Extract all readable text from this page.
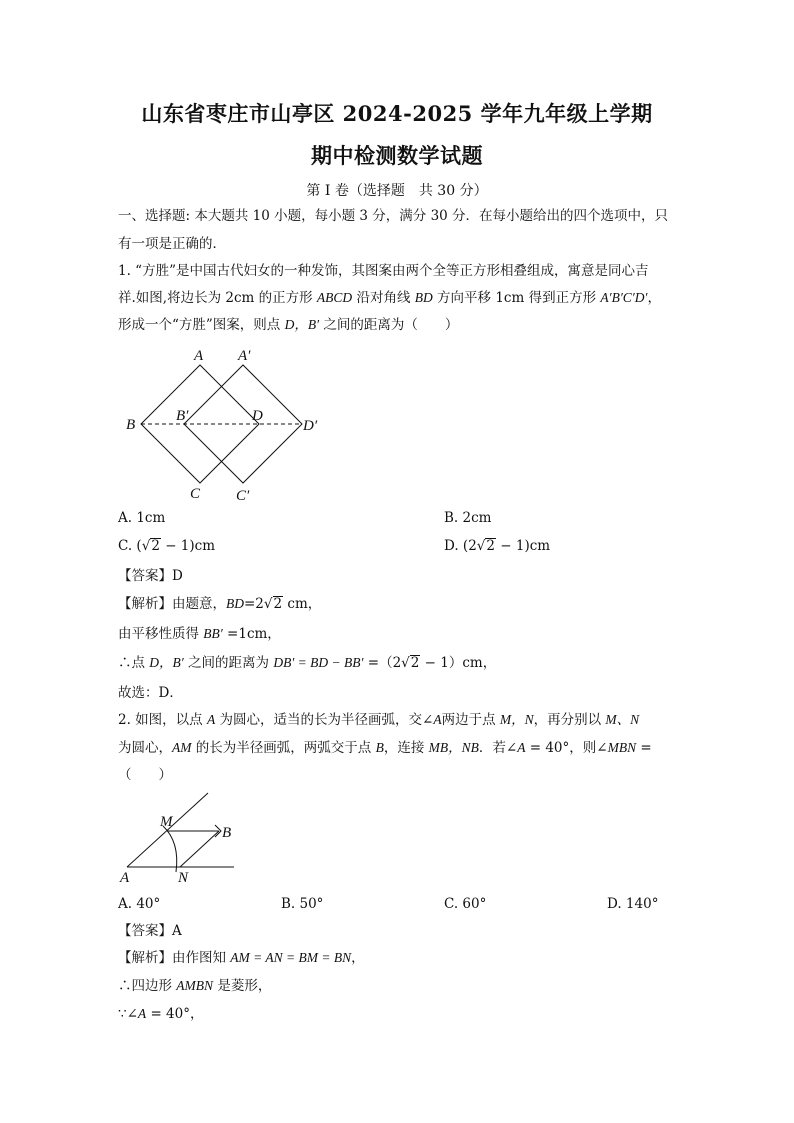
山东省枣庄市山亭区 2024-2025 学年九年级上学期
期中检测数学试题
第 I 卷（选择题　共 30 分）
一、选择题: 本大题共 10 小题，每小题 3 分，满分 30 分．在每小题给出的四个选项中，只
有一项是正确的．
1. “方胜”是中国古代妇女的一种发饰，其图案由两个全等正方形相叠组成，寓意是同心吉
祥.如图,将边长为 2cm 的正方形 ABCD 沿对角线 BD 方向平移 1cm 得到正方形 A′B′C′D′，
形成一个“方胜”图案，则点 D，B′ 之间的距离为（　　）
A A′
B
B′	D
D′
C C′
A. 1cm	B. 2cm
C. (√2 − 1)cm	D. (2√2 − 1)cm
【答案】D
【解析】由题意，BD=2√2 cm，
由平移性质得 BB′ =1cm，
∴点 D，B′ 之间的距离为 DB′ = BD − BB′ =（2√2 − 1）cm，
故选：D．
2. 如图，以点 A 为圆心，适当的长为半径画弧，交∠A两边于点 M，N，再分别以 M、N
为圆心，AM 的长为半径画弧，两弧交于点 B，连接 MB，NB．若∠A = 40°，则∠MBN =
（　　）
M
B
A	N
A. 40°	B. 50°	C. 60°	D. 140°
【答案】A
【解析】由作图知 AM = AN = BM = BN，
∴四边形 AMBN 是菱形，
∵∠A = 40°，
